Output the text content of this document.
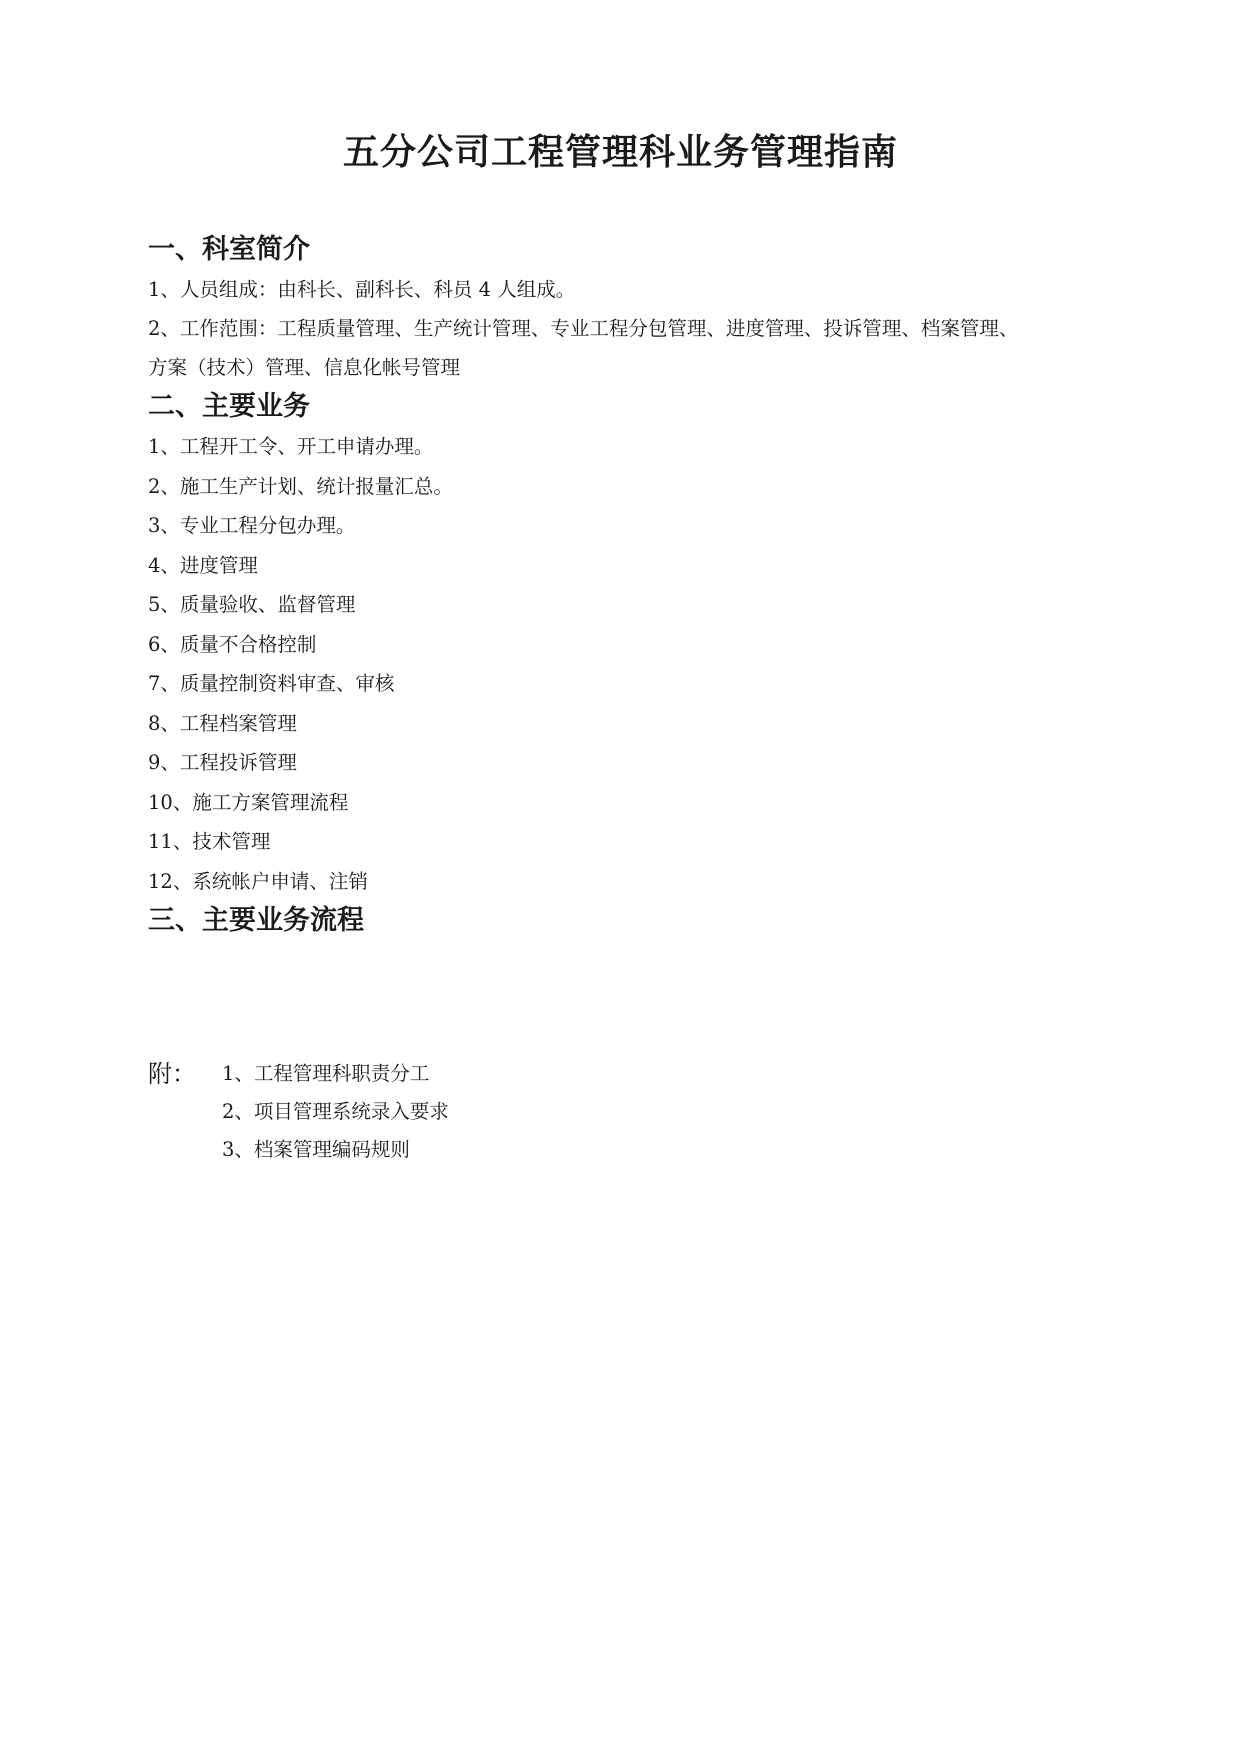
五分公司工程管理科业务管理指南
一、科室简介

1、人员组成：由科长、副科长、科员 4 人组成。

2、工作范围：工程质量管理、生产统计管理、专业工程分包管理、进度管理、投诉管理、档案管理、

方案（技术）管理、信息化帐号管理

二、主要业务
1、工程开工令、开工申请办理。
2、施工生产计划、统计报量汇总。
3、专业工程分包办理。
4、进度管理
5、质量验收、监督管理
6、质量不合格控制
7、质量控制资料审查、审核
8、工程档案管理
9、工程投诉管理
10、施工方案管理流程
11、技术管理
12、系统帐户申请、注销
三、主要业务流程
附：	1、工程管理科职责分工
2、项目管理系统录入要求
3、档案管理编码规则
